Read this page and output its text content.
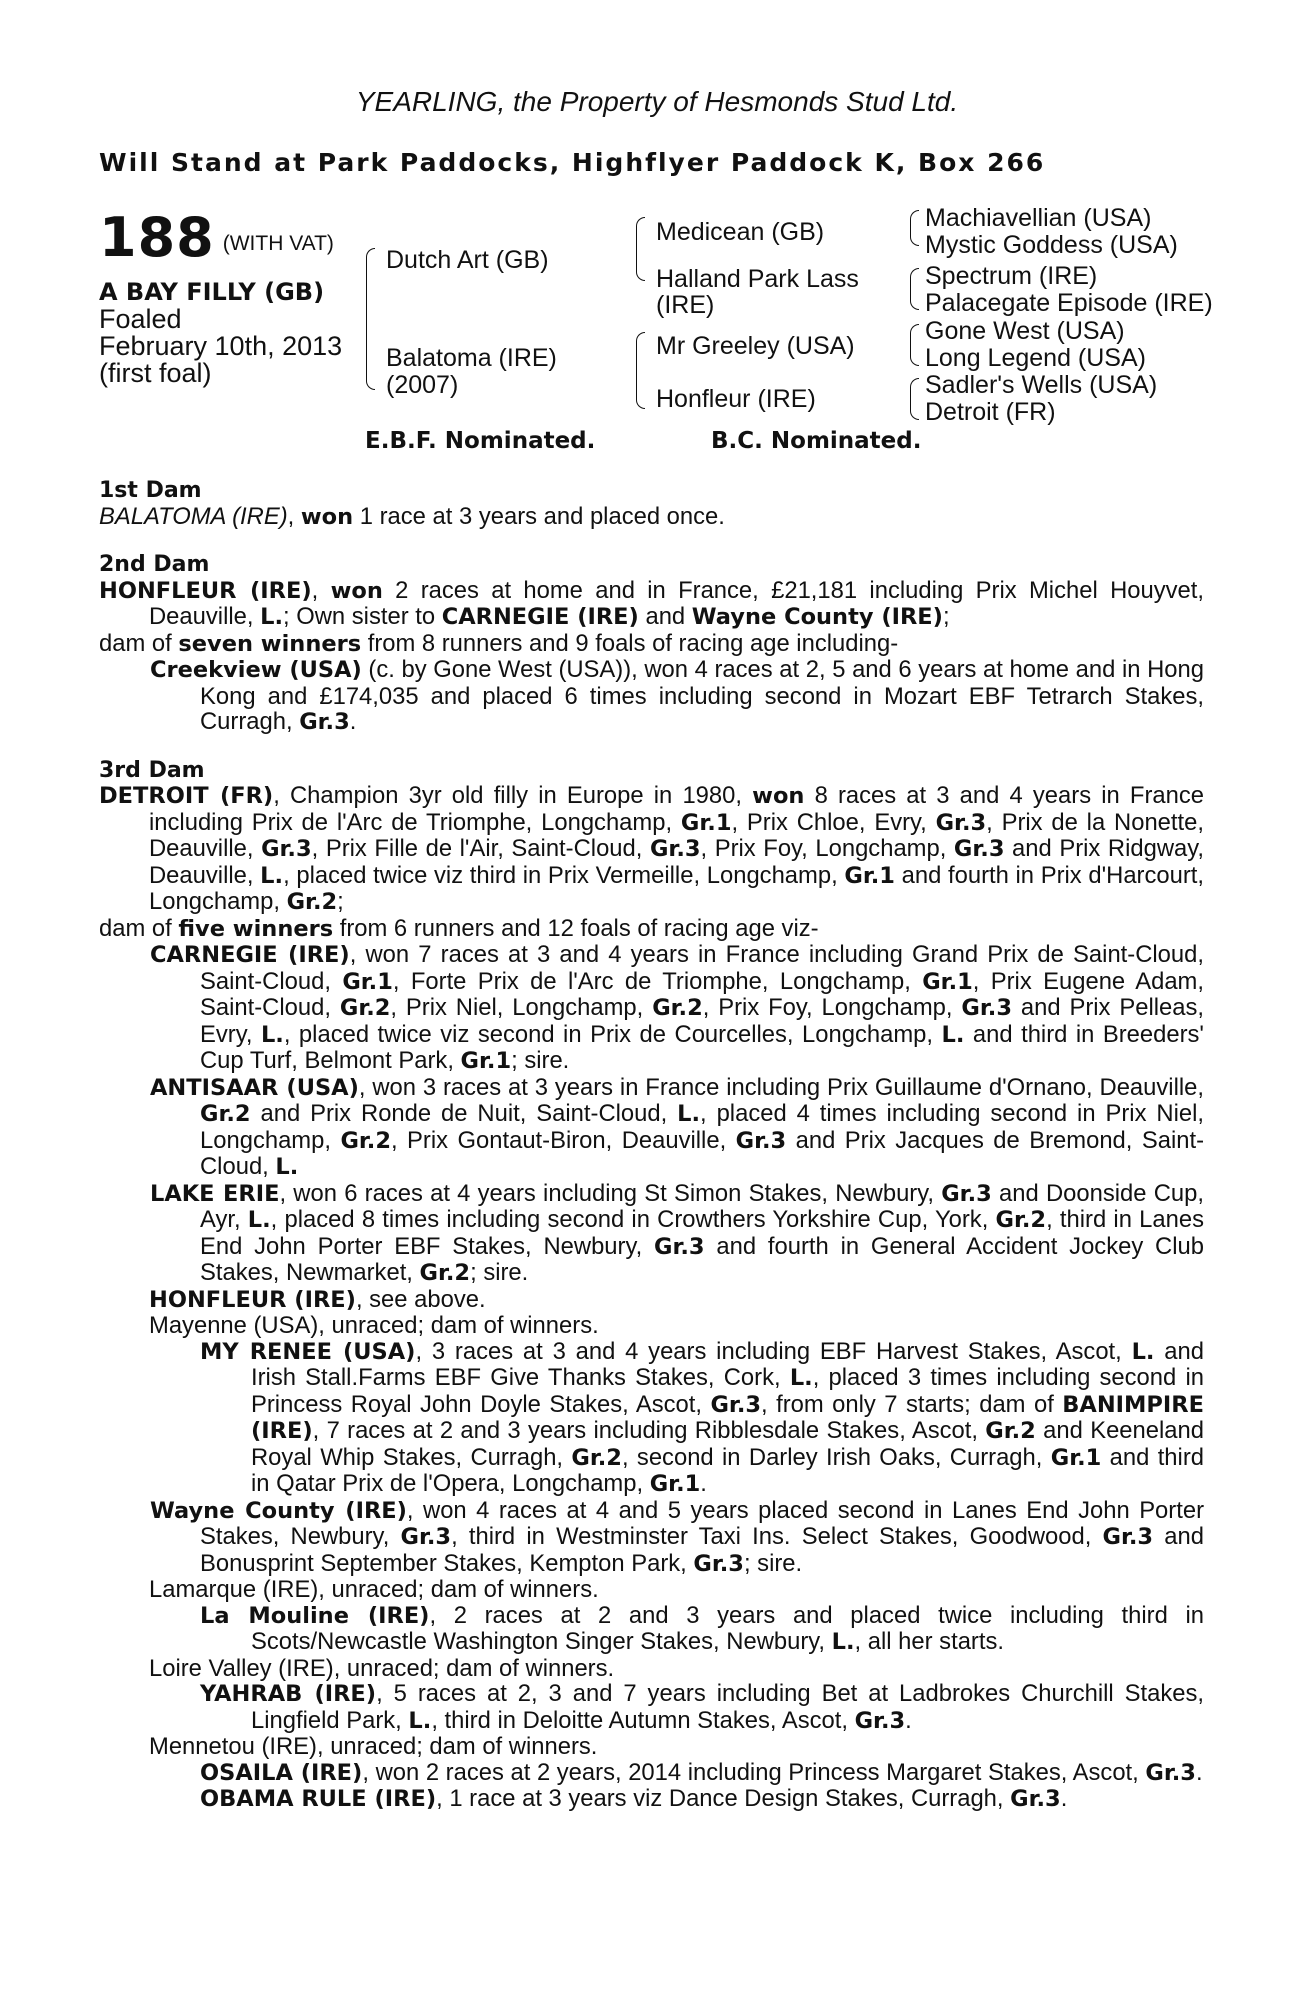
YEARLING, the Property of Hesmonds Stud Ltd.
Will Stand at Park Paddocks, Highflyer Paddock K, Box 266
188 $^{(WITH VAT)}$
A BAY FILLY (GB)
Foaled
February 10th, 2013
(first foal)
Dutch Art (GB)
Balatoma (IRE)
(2007)
Medicean (GB)
Halland Park Lass
(IRE)
Mr Greeley (USA)
Honfleur (IRE)
Machiavellian (USA)
Mystic Goddess (USA)
Spectrum (IRE)
Palacegate Episode (IRE)
Gone West (USA)
Long Legend (USA)
Sadler's Wells (USA)
Detroit (FR)
E.B.F. Nominated.	B.C. Nominated.
1st Dam
BALATOMA (IRE), won 1 race at 3 years and placed once.
2nd Dam
HONFLEUR (IRE), won 2 races at home and in France, £21,181 including Prix Michel Houyvet, Deauville, L.; Own sister to CARNEGIE (IRE) and Wayne County (IRE);
dam of seven winners from 8 runners and 9 foals of racing age including-
Creekview (USA) (c. by Gone West (USA)), won 4 races at 2, 5 and 6 years at home and in Hong Kong and £174,035 and placed 6 times including second in Mozart EBF Tetrarch Stakes, Curragh, Gr.3.
3rd Dam
DETROIT (FR), Champion 3yr old filly in Europe in 1980, won 8 races at 3 and 4 years in France including Prix de l'Arc de Triomphe, Longchamp, Gr.1, Prix Chloe, Evry, Gr.3, Prix de la Nonette, Deauville, Gr.3, Prix Fille de l'Air, Saint-Cloud, Gr.3, Prix Foy, Longchamp, Gr.3 and Prix Ridgway, Deauville, L., placed twice viz third in Prix Vermeille, Longchamp, Gr.1 and fourth in Prix d'Harcourt, Longchamp, Gr.2;
dam of five winners from 6 runners and 12 foals of racing age viz-
CARNEGIE (IRE), won 7 races at 3 and 4 years in France including Grand Prix de Saint-Cloud, Saint-Cloud, Gr.1, Forte Prix de l'Arc de Triomphe, Longchamp, Gr.1, Prix Eugene Adam, Saint-Cloud, Gr.2, Prix Niel, Longchamp, Gr.2, Prix Foy, Longchamp, Gr.3 and Prix Pelleas, Evry, L., placed twice viz second in Prix de Courcelles, Longchamp, L. and third in Breeders' Cup Turf, Belmont Park, Gr.1; sire.
ANTISAAR (USA), won 3 races at 3 years in France including Prix Guillaume d'Ornano, Deauville, Gr.2 and Prix Ronde de Nuit, Saint-Cloud, L., placed 4 times including second in Prix Niel, Longchamp, Gr.2, Prix Gontaut-Biron, Deauville, Gr.3 and Prix Jacques de Bremond, Saint-Cloud, L.
LAKE ERIE, won 6 races at 4 years including St Simon Stakes, Newbury, Gr.3 and Doonside Cup, Ayr, L., placed 8 times including second in Crowthers Yorkshire Cup, York, Gr.2, third in Lanes End John Porter EBF Stakes, Newbury, Gr.3 and fourth in General Accident Jockey Club Stakes, Newmarket, Gr.2; sire.
HONFLEUR (IRE), see above.
Mayenne (USA), unraced; dam of winners.
MY RENEE (USA), 3 races at 3 and 4 years including EBF Harvest Stakes, Ascot, L. and Irish Stall.Farms EBF Give Thanks Stakes, Cork, L., placed 3 times including second in Princess Royal John Doyle Stakes, Ascot, Gr.3, from only 7 starts; dam of BANIMPIRE (IRE), 7 races at 2 and 3 years including Ribblesdale Stakes, Ascot, Gr.2 and Keeneland Royal Whip Stakes, Curragh, Gr.2, second in Darley Irish Oaks, Curragh, Gr.1 and third in Qatar Prix de l'Opera, Longchamp, Gr.1.
Wayne County (IRE), won 4 races at 4 and 5 years placed second in Lanes End John Porter Stakes, Newbury, Gr.3, third in Westminster Taxi Ins. Select Stakes, Goodwood, Gr.3 and Bonusprint September Stakes, Kempton Park, Gr.3; sire.
Lamarque (IRE), unraced; dam of winners.
La Mouline (IRE), 2 races at 2 and 3 years and placed twice including third in Scots/Newcastle Washington Singer Stakes, Newbury, L., all her starts.
Loire Valley (IRE), unraced; dam of winners.
YAHRAB (IRE), 5 races at 2, 3 and 7 years including Bet at Ladbrokes Churchill Stakes, Lingfield Park, L., third in Deloitte Autumn Stakes, Ascot, Gr.3.
Mennetou (IRE), unraced; dam of winners.
OSAILA (IRE), won 2 races at 2 years, 2014 including Princess Margaret Stakes, Ascot, Gr.3.
OBAMA RULE (IRE), 1 race at 3 years viz Dance Design Stakes, Curragh, Gr.3.
